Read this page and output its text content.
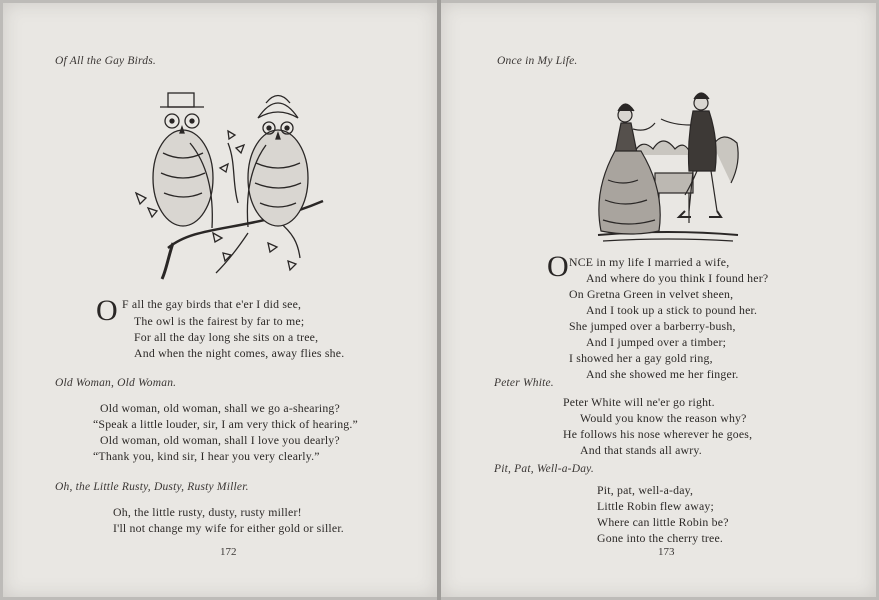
Of All the Gay Birds.
O F all the gay birds that e'er I did see,
The owl is the fairest by far to me;
For all the day long she sits on a tree,
And when the night comes, away flies she.
Old Woman, Old Woman.
Old woman, old woman, shall we go a-shearing?
“Speak a little louder, sir, I am very thick of hearing.”
Old woman, old woman, shall I love you dearly?
“Thank you, kind sir, I hear you very clearly.”
Oh, the Little Rusty, Dusty, Rusty Miller.
Oh, the little rusty, dusty, rusty miller!
I'll not change my wife for either gold or siller.
172
Once in My Life.
O NCE in my life I married a wife,
And where do you think I found her?
On Gretna Green in velvet sheen,
And I took up a stick to pound her.
She jumped over a barberry-bush,
And I jumped over a timber;
I showed her a gay gold ring,
And she showed me her finger.
Peter White.
Peter White will ne'er go right.
Would you know the reason why?
He follows his nose wherever he goes,
And that stands all awry.
Pit, Pat, Well-a-Day.
Pit, pat, well-a-day,
Little Robin flew away;
Where can little Robin be?
Gone into the cherry tree.
173
